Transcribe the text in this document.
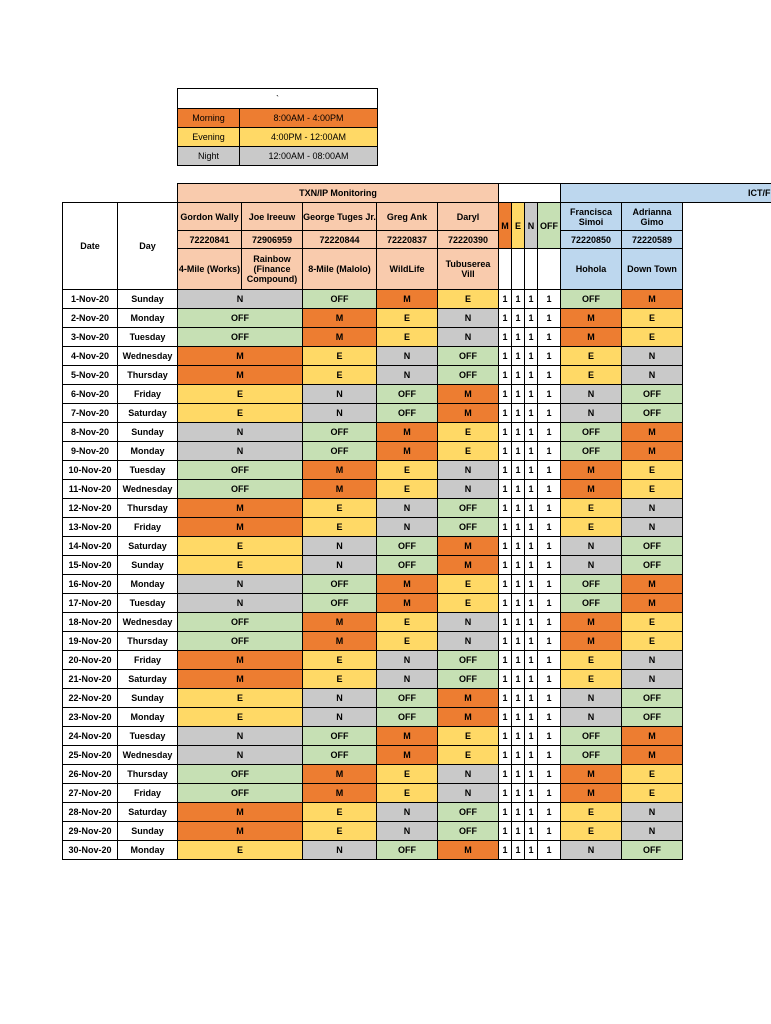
`	
Morning	8:00AM - 4:00PM
Evening	4:00PM - 12:00AM
Night	12:00AM - 08:00AM
		TXN/IP Monitoring									ICT/F		
Date	Day	Gordon Wally	Joe Ireeuw	George Tuges Jr.	Greg Ank	Daryl	M	E	N	OFF	Francisca Simoi	Adrianna Gimo	
		72220841	72906959	72220844	72220837	72220390					72220850	72220589	
		4-Mile (Works)	Rainbow (Finance Compound)	8-Mile (Malolo)	WildLife	Tubuserea Vill					Hohola	Down Town	
1-Nov-20	Sunday	N		OFF	M	E	1	1	1	1	OFF	M	
2-Nov-20	Monday	OFF		M	E	N	1	1	1	1	M	E	
3-Nov-20	Tuesday	OFF		M	E	N	1	1	1	1	M	E	
4-Nov-20	Wednesday	M		E	N	OFF	1	1	1	1	E	N	
5-Nov-20	Thursday	M		E	N	OFF	1	1	1	1	E	N	
6-Nov-20	Friday	E		N	OFF	M	1	1	1	1	N	OFF	
7-Nov-20	Saturday	E		N	OFF	M	1	1	1	1	N	OFF	
8-Nov-20	Sunday	N		OFF	M	E	1	1	1	1	OFF	M	
9-Nov-20	Monday	N		OFF	M	E	1	1	1	1	OFF	M	
10-Nov-20	Tuesday	OFF		M	E	N	1	1	1	1	M	E	
11-Nov-20	Wednesday	OFF		M	E	N	1	1	1	1	M	E	
12-Nov-20	Thursday	M		E	N	OFF	1	1	1	1	E	N	
13-Nov-20	Friday	M		E	N	OFF	1	1	1	1	E	N	
14-Nov-20	Saturday	E		N	OFF	M	1	1	1	1	N	OFF	
15-Nov-20	Sunday	E		N	OFF	M	1	1	1	1	N	OFF	
16-Nov-20	Monday	N		OFF	M	E	1	1	1	1	OFF	M	
17-Nov-20	Tuesday	N		OFF	M	E	1	1	1	1	OFF	M	
18-Nov-20	Wednesday	OFF		M	E	N	1	1	1	1	M	E	
19-Nov-20	Thursday	OFF		M	E	N	1	1	1	1	M	E	
20-Nov-20	Friday	M		E	N	OFF	1	1	1	1	E	N	
21-Nov-20	Saturday	M		E	N	OFF	1	1	1	1	E	N	
22-Nov-20	Sunday	E		N	OFF	M	1	1	1	1	N	OFF	
23-Nov-20	Monday	E		N	OFF	M	1	1	1	1	N	OFF	
24-Nov-20	Tuesday	N		OFF	M	E	1	1	1	1	OFF	M	
25-Nov-20	Wednesday	N		OFF	M	E	1	1	1	1	OFF	M	
26-Nov-20	Thursday	OFF		M	E	N	1	1	1	1	M	E	
27-Nov-20	Friday	OFF		M	E	N	1	1	1	1	M	E	
28-Nov-20	Saturday	M		E	N	OFF	1	1	1	1	E	N	
29-Nov-20	Sunday	M		E	N	OFF	1	1	1	1	E	N	
30-Nov-20	Monday	E		N	OFF	M	1	1	1	1	N	OFF	
